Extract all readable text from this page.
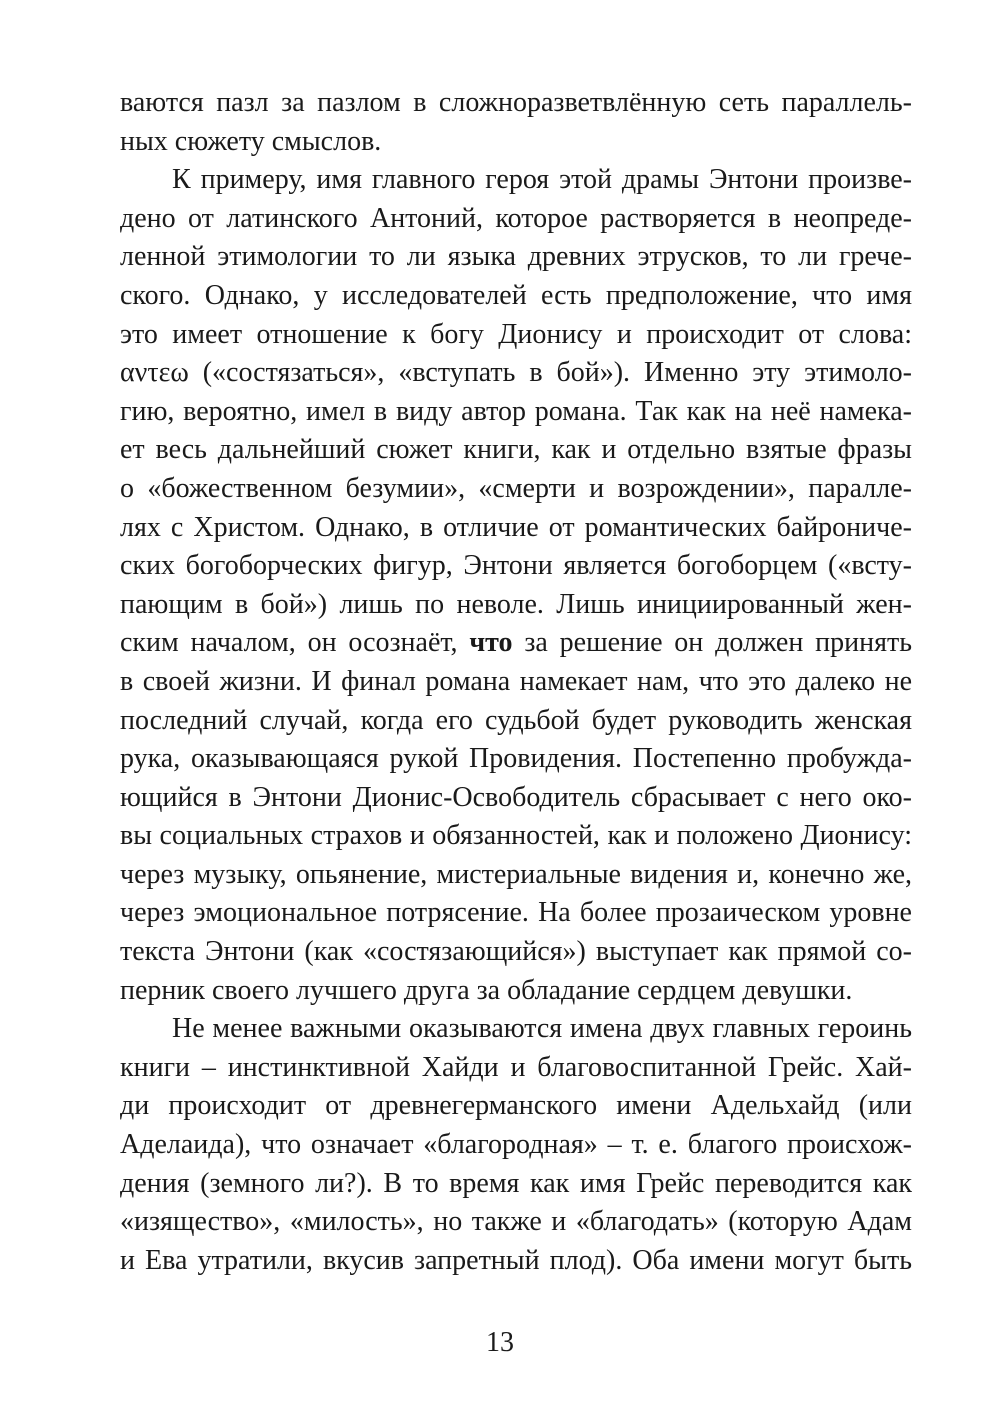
ваются пазл за пазлом в сложноразветвлённую сеть параллель-
ных сюжету смыслов.
К примеру, имя главного героя этой драмы Энтони произве-
дено от латинского Антоний, которое растворяется в неопреде-
ленной этимологии то ли языка древних этрусков, то ли грече-
ского. Однако, у исследователей есть предположение, что имя
это имеет отношение к богу Дионису и происходит от слова:
αντεω («состязаться», «вступать в бой»). Именно эту этимоло-
гию, вероятно, имел в виду автор романа. Так как на неё намека-
ет весь дальнейший сюжет книги, как и отдельно взятые фразы
о «божественном безумии», «смерти и возрождении», паралле-
лях с Христом. Однако, в отличие от романтических байрониче-
ских богоборческих фигур, Энтони является богоборцем («всту-
пающим в бой») лишь по неволе. Лишь инициированный жен-
ским началом, он осознаёт, что за решение он должен принять
в своей жизни. И финал романа намекает нам, что это далеко не
последний случай, когда его судьбой будет руководить женская
рука, оказывающаяся рукой Провидения. Постепенно пробужда-
ющийся в Энтони Дионис-Освободитель сбрасывает с него око-
вы социальных страхов и обязанностей, как и положено Дионису:
через музыку, опьянение, мистериальные видения и, конечно же,
через эмоциональное потрясение. На более прозаическом уровне
текста Энтони (как «состязающийся») выступает как прямой со-
перник своего лучшего друга за обладание сердцем девушки.
Не менее важными оказываются имена двух главных героинь
книги – инстинктивной Хайди и благовоспитанной Грейс. Хай-
ди происходит от древнегерманского имени Адельхайд (или
Аделаида), что означает «благородная» – т. е. благого происхож-
дения (земного ли?). В то время как имя Грейс переводится как
«изящество», «милость», но также и «благодать» (которую Адам
и Ева утратили, вкусив запретный плод). Оба имени могут быть
13
